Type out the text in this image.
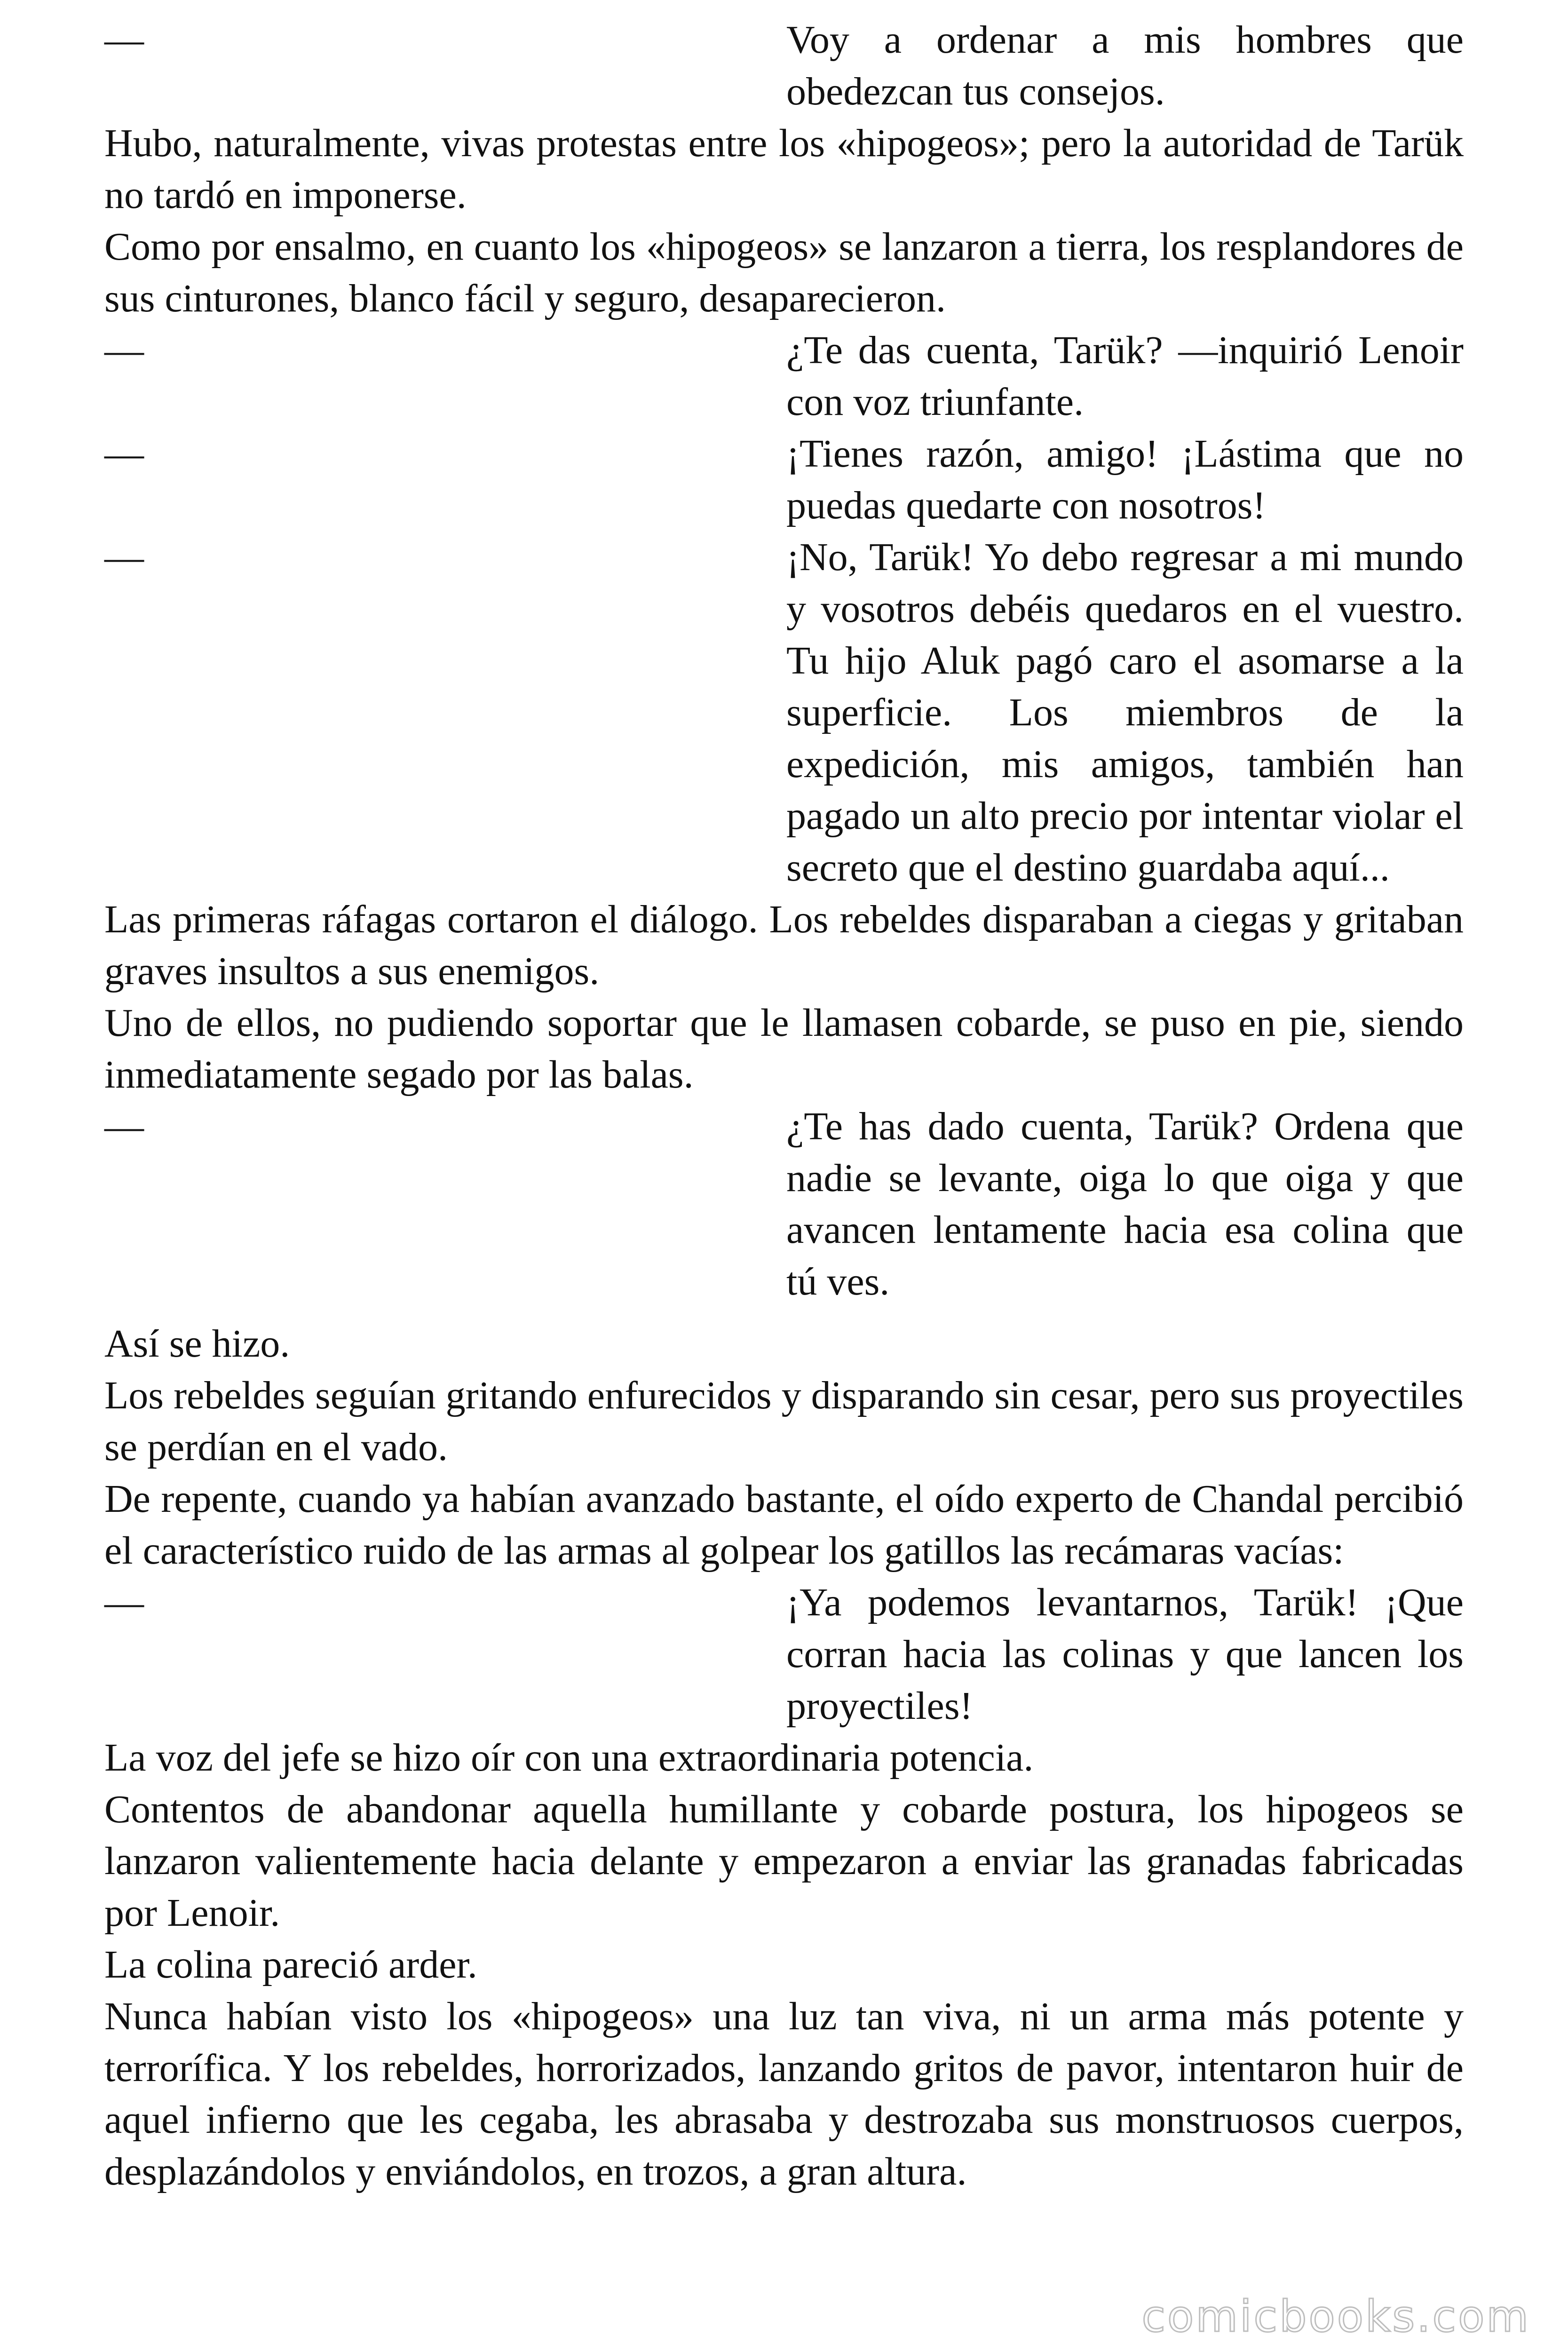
—	Voy a ordenar a mis hombres que obedezcan tus consejos.

Hubo, naturalmente, vivas protestas entre los «hipogeos»; pero la autoridad de Tarük no tardó en imponerse.

Como por ensalmo, en cuanto los «hipogeos» se lanzaron a tierra, los resplandores de sus cinturones, blanco fácil y seguro, desaparecieron.

—	¿Te das cuenta, Tarük? —inquirió Lenoir con voz triunfante.

—	¡Tienes razón, amigo! ¡Lástima que no puedas quedarte con nosotros!

—	¡No, Tarük! Yo debo regresar a mi mundo y vosotros debéis quedaros en el vuestro. Tu hijo Aluk pagó caro el asomarse a la superficie. Los miembros de la expedición, mis amigos, también han pagado un alto precio por intentar violar el secreto que el destino guardaba aquí...

Las primeras ráfagas cortaron el diálogo. Los rebeldes disparaban a ciegas y gritaban graves insultos a sus enemigos.

Uno de ellos, no pudiendo soportar que le llamasen cobarde, se puso en pie, siendo inmediatamente segado por las balas.

—	¿Te has dado cuenta, Tarük? Ordena que nadie se levante, oiga lo que oiga y que avancen lentamente hacia esa colina que tú ves.

Así se hizo.

Los rebeldes seguían gritando enfurecidos y disparando sin cesar, pero sus proyectiles se perdían en el vado.

De repente, cuando ya habían avanzado bastante, el oído experto de Chandal percibió el característico ruido de las armas al golpear los gatillos las recámaras vacías:

—	¡Ya podemos levantarnos, Tarük! ¡Que corran hacia las colinas y que lancen los proyectiles!

La voz del jefe se hizo oír con una extraordinaria potencia.

Contentos de abandonar aquella humillante y cobarde postura, los hipogeos se lanzaron valientemente hacia delante y empezaron a enviar las granadas fabricadas por Lenoir.

La colina pareció arder.

Nunca habían visto los «hipogeos» una luz tan viva, ni un arma más potente y terrorífica. Y los rebeldes, horrorizados, lanzando gritos de pavor, intentaron huir de aquel infierno que les cegaba, les abrasaba y destrozaba sus monstruosos cuerpos, desplazándolos y enviándolos, en trozos, a gran altura.

comicbooks.com
